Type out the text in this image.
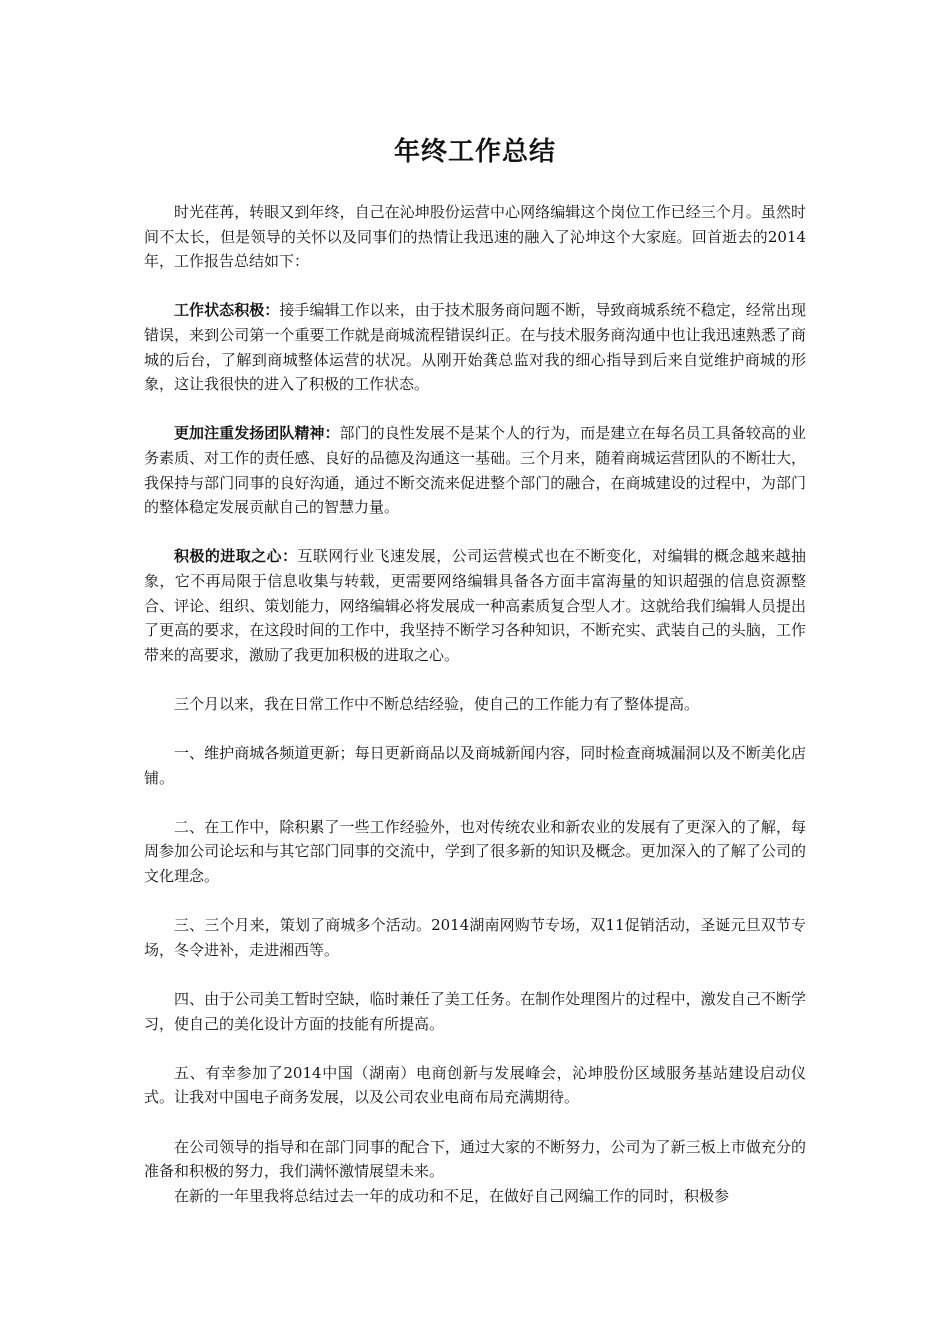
年终工作总结

时光荏苒，转眼又到年终，自己在沁坤股份运营中心网络编辑这个岗位工作已经三个月。虽然时间不太长，但是领导的关怀以及同事们的热情让我迅速的融入了沁坤这个大家庭。回首逝去的2014年，工作报告总结如下：

工作状态积极：接手编辑工作以来，由于技术服务商问题不断，导致商城系统不稳定，经常出现错误，来到公司第一个重要工作就是商城流程错误纠正。在与技术服务商沟通中也让我迅速熟悉了商城的后台，了解到商城整体运营的状况。从刚开始龚总监对我的细心指导到后来自觉维护商城的形象，这让我很快的进入了积极的工作状态。

更加注重发扬团队精神：部门的良性发展不是某个人的行为，而是建立在每名员工具备较高的业务素质、对工作的责任感、良好的品德及沟通这一基础。三个月来，随着商城运营团队的不断壮大，我保持与部门同事的良好沟通，通过不断交流来促进整个部门的融合，在商城建设的过程中，为部门的整体稳定发展贡献自己的智慧力量。

积极的进取之心：互联网行业飞速发展，公司运营模式也在不断变化，对编辑的概念越来越抽象，它不再局限于信息收集与转载，更需要网络编辑具备各方面丰富海量的知识超强的信息资源整合、评论、组织、策划能力，网络编辑必将发展成一种高素质复合型人才。这就给我们编辑人员提出了更高的要求，在这段时间的工作中，我坚持不断学习各种知识，不断充实、武装自己的头脑，工作带来的高要求，激励了我更加积极的进取之心。

三个月以来，我在日常工作中不断总结经验，使自己的工作能力有了整体提高。

一、维护商城各频道更新；每日更新商品以及商城新闻内容，同时检查商城漏洞以及不断美化店铺。

二、在工作中，除积累了一些工作经验外，也对传统农业和新农业的发展有了更深入的了解，每周参加公司论坛和与其它部门同事的交流中，学到了很多新的知识及概念。更加深入的了解了公司的文化理念。

三、三个月来，策划了商城多个活动。2014湖南网购节专场，双11促销活动，圣诞元旦双节专场，冬令进补，走进湘西等。

四、由于公司美工暂时空缺，临时兼任了美工任务。在制作处理图片的过程中，激发自己不断学习，使自己的美化设计方面的技能有所提高。

五、有幸参加了2014中国（湖南）电商创新与发展峰会，沁坤股份区域服务基站建设启动仪式。让我对中国电子商务发展，以及公司农业电商布局充满期待。

在公司领导的指导和在部门同事的配合下，通过大家的不断努力，公司为了新三板上市做充分的准备和积极的努力，我们满怀激情展望未来。

在新的一年里我将总结过去一年的成功和不足，在做好自己网编工作的同时，积极参
